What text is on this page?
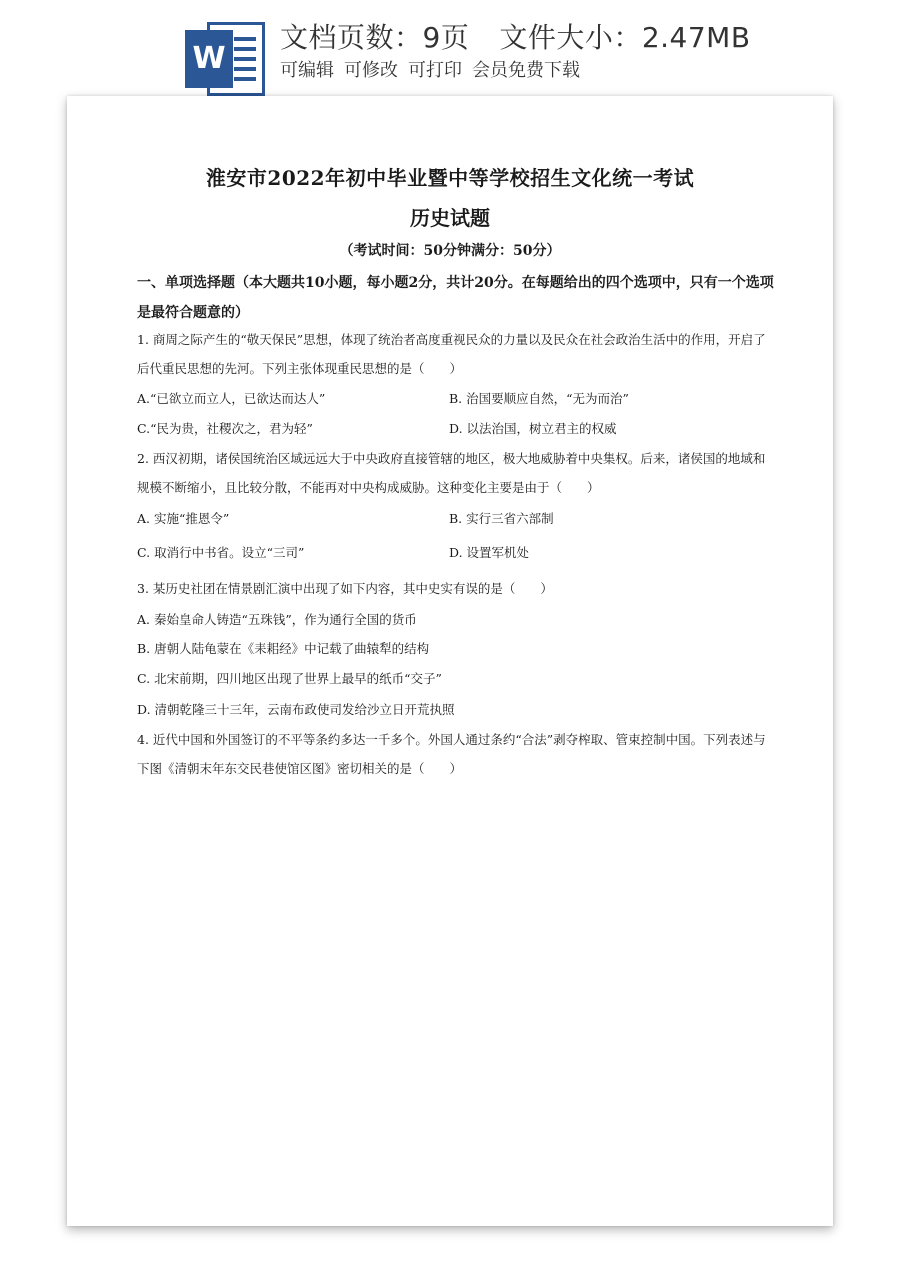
W
文档页数：9页 文件大小：2.47MB
可编辑 可修改 可打印 会员免费下载
淮安市2022年初中毕业暨中等学校招生文化统一考试
历史试题
（考试时间：50分钟满分：50分）
一、单项选择题（本大题共10小题，每小题2分，共计20分。在每题给出的四个选项中，只有一个选项是最符合题意的）
1. 商周之际产生的“敬天保民”思想，体现了统治者高度重视民众的力量以及民众在社会政治生活中的作用，开启了后代重民思想的先河。下列主张体现重民思想的是（　　）
A.“已欲立而立人，已欲达而达人”	B. 治国要顺应自然，“无为而治”
C.“民为贵，社稷次之，君为轻”	D. 以法治国，树立君主的权威
2. 西汉初期，诸侯国统治区域远远大于中央政府直接管辖的地区，极大地威胁着中央集权。后来，诸侯国的地域和规模不断缩小，且比较分散，不能再对中央构成威胁。这种变化主要是由于（　　）
A. 实施“推恩令”	B. 实行三省六部制
C. 取消行中书省。设立“三司”	D. 设置军机处
3. 某历史社团在情景剧汇演中出现了如下内容，其中史实有误的是（　　）
A. 秦始皇命人铸造“五珠钱”，作为通行全国的货币
B. 唐朝人陆龟蒙在《耒耜经》中记载了曲辕犁的结构
C. 北宋前期，四川地区出现了世界上最早的纸币“交子”
D. 清朝乾隆三十三年，云南布政使司发给沙立日开荒执照
4. 近代中国和外国签订的不平等条约多达一千多个。外国人通过条约“合法”剥夺榨取、管束控制中国。下列表述与下图《清朝末年东交民巷使馆区图》密切相关的是（　　）
